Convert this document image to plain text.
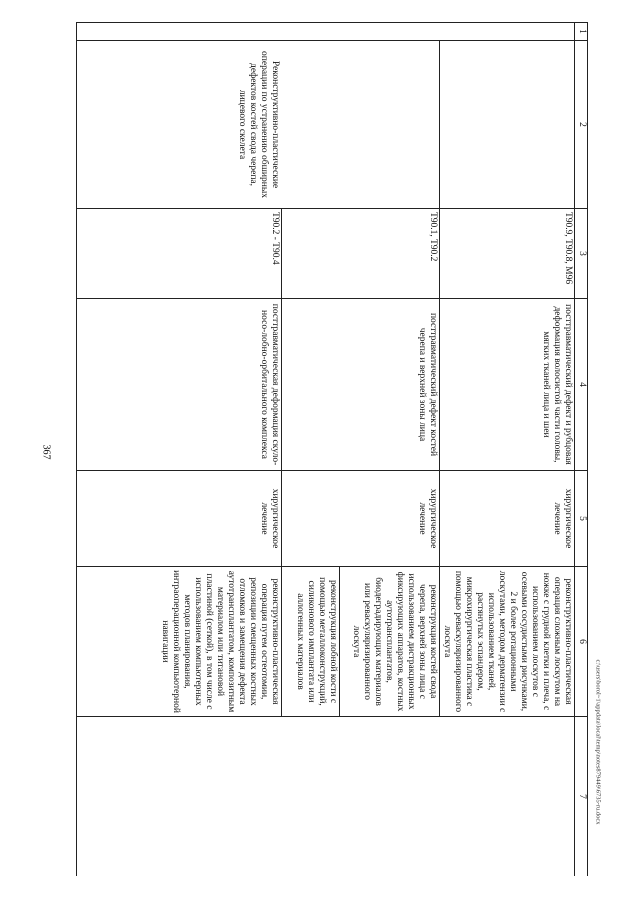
367
1	2	3	4	5	6	7
		T90.9, T90.8, M96	посттравматический дефект и рубцовая деформация волосистой части головы, мягких тканей лица и шеи	хирургическое лечение	реконструктивно-пластическая операция сложным лоскутом на ножке с грудной клетки и плеча, с использованием лоскутов с осевыми сосудистыми рисунками, 2 и более ротационными лоскутами, методом дерматензии с использованием тканей, растянутых эспандером, микрохирургическая пластика с помощью реваскуляризированного лоскута	
	Реконструктивно-пластические операции по устранению обширных дефектов костей свода черепа, лицевого скелета	T90.1, T90.2	посттравматический дефект костей черепа и верхней зоны лица	хирургическое лечение	реконструкция костей свода черепа, верхней зоны лица с использованием дистракционных фиксирующих аппаратов, костных аутотрансплантатов, биодеградирующих материалов или реваскуляризированного лоскута	
					реконструкция лобной кости с помощью металлоконструкций, силиконового имплантата или аллогенных материалов	
		T90.2 - T90.4	посттравматическая деформация скуло-носо-лобно-орбитального комплекса	хирургическое лечение	реконструктивно-пластическая операция путем остеотомии, репозиции смещенных костных отломков и замещения дефекта аутотрансплантатом, композитным материалом или титановой пластиной (сеткой), в том числе с использованием компьютерных методов планирования, интраоперационной компьютерной навигации	
c:\users\borol~1\appdata\local\temp\notes879449\6735-ru.docx
